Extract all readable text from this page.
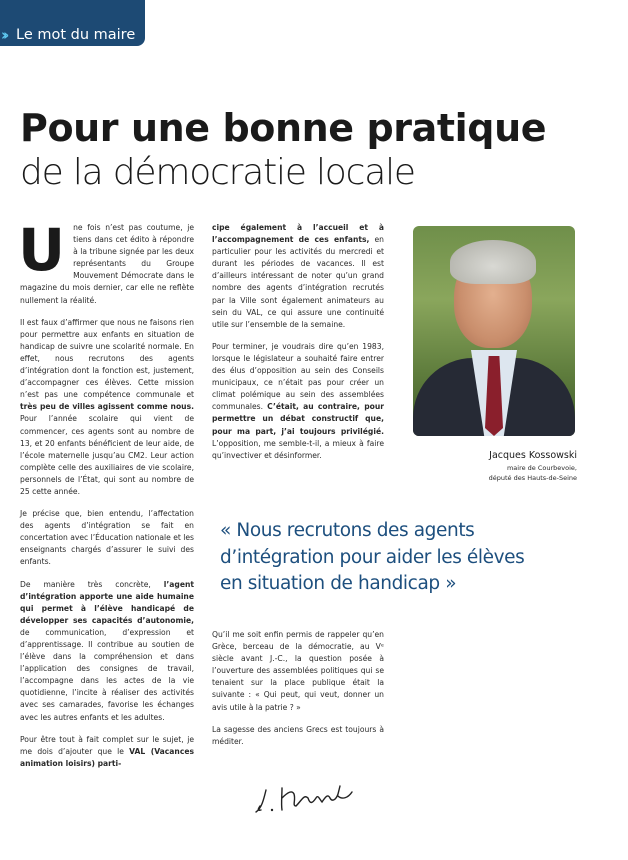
›› Le mot du maire
Pour une bonne pratique
de la démocratie locale
U	ne fois n’est pas coutume, je tiens dans cet édito à répondre à la tribune signée par les deux représentants du Groupe Mouvement Démocrate dans le magazine du mois dernier, car elle ne reflète nullement la réalité.

Il est faux d’affirmer que nous ne faisons rien pour permettre aux enfants en situation de handicap de suivre une scolarité normale. En effet, nous recrutons des agents d’intégration dont la fonction est, justement, d’accompagner ces élèves. Cette mission n’est pas une compétence communale et très peu de villes agissent comme nous. Pour l’année scolaire qui vient de commencer, ces agents sont au nombre de 13, et 20 enfants bénéficient de leur aide, de l’école maternelle jusqu’au CM2. Leur action complète celle des auxiliaires de vie scolaire, personnels de l’État, qui sont au nombre de 25 cette année.

Je précise que, bien entendu, l’affectation des agents d’intégration se fait en concertation avec l’Éducation nationale et les enseignants chargés d’assurer le suivi des enfants.

De manière très concrète, l’agent d’intégration apporte une aide humaine qui permet à l’élève handicapé de développer ses capacités d’autonomie, de communication, d’expression et d’apprentissage. Il contribue au soutien de l’élève dans la compréhension et dans l’application des consignes de travail, l’accompagne dans les actes de la vie quotidienne, l’incite à réaliser des activités avec ses camarades, favorise les échanges avec les autres enfants et les adultes.

Pour être tout à fait complet sur le sujet, je me dois d’ajouter que le VAL (Vacances animation loisirs) parti-

cipe également à l’accueil et à l’accompagnement de ces enfants, en particulier pour les activités du mercredi et durant les périodes de vacances. Il est d’ailleurs intéressant de noter qu’un grand nombre des agents d’intégration recrutés par la Ville sont également animateurs au sein du VAL, ce qui assure une continuité utile sur l’ensemble de la semaine.

Pour terminer, je voudrais dire qu’en 1983, lorsque le législateur a souhaité faire entrer des élus d’opposition au sein des Conseils municipaux, ce n’était pas pour créer un climat polémique au sein des assemblées communales. C’était, au contraire, pour permettre un débat constructif que, pour ma part, j’ai toujours privilégié. L’opposition, me semble-t-il, a mieux à faire qu’invectiver et désinformer.	Jacques Kossowski
maire de Courbevoie,
député des Hauts-de-Seine
« Nous recrutons des agents
d’intégration pour aider les élèves
en situation de handicap »

Qu’il me soit enfin permis de rappeler qu’en Grèce, berceau de la démocratie, au Vᵉ siècle avant J.-C., la question posée à l’ouverture des assemblées politiques qui se tenaient sur la place publique était la suivante : « Qui peut, qui veut, donner un avis utile à la patrie ? »

La sagesse des anciens Grecs est toujours à méditer.
